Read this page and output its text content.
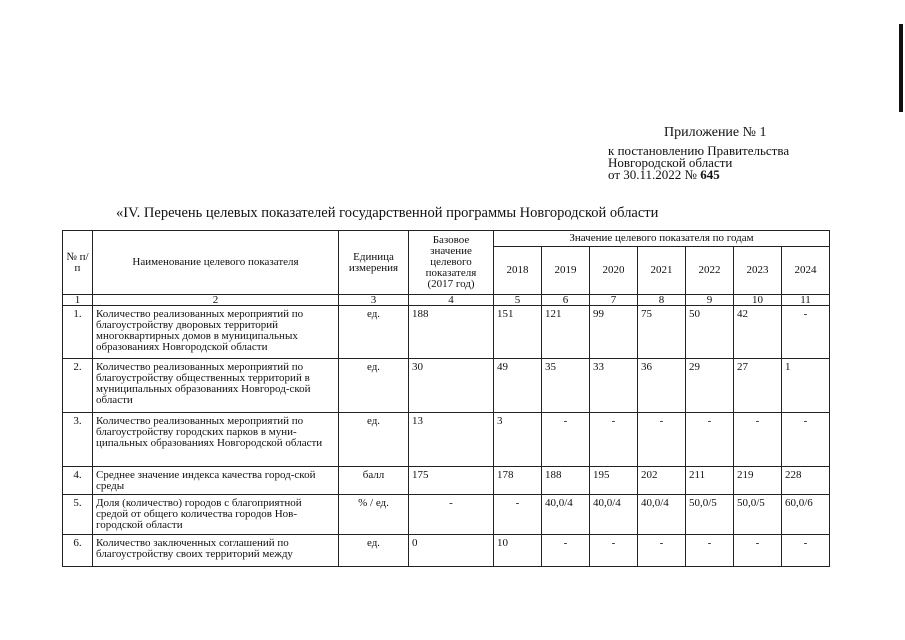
Приложение № 1
к постановлению Правительства
Новгородской области
от 30.11.2022 № 645
«IV. Перечень целевых показателей государственной программы Новгородской области
№ п/п	Наименование целевого показателя	Единица измерения	Базовое значение целевого показателя (2017 год)	Значение целевого показателя по годам						
				2018	2019	2020	2021	2022	2023	2024
1	2	3	4	5	6	7	8	9	10	11
1.	Количество реализованных мероприятий по благоустройству дворовых территорий многоквартирных домов в муниципальных образованиях Новгородской области	ед.	188	151	121	99	75	50	42	-
2.	Количество реализованных мероприятий по благоустройству общественных территорий в муниципальных образованиях Новгород-ской области	ед.	30	49	35	33	36	29	27	1
3.	Количество реализованных мероприятий по благоустройству городских парков в муни-ципальных образованиях Новгородской области	ед.	13	3	-	-	-	-	-	-
4.	Среднее значение индекса качества город-ской среды	балл	175	178	188	195	202	211	219	228
5.	Доля (количество) городов с благоприятной средой от общего количества городов Нов-городской области	% / ед.	-	-	40,0/4	40,0/4	40,0/4	50,0/5	50,0/5	60,0/6
6.	Количество заключенных соглашений по благоустройству своих территорий между	ед.	0	10	-	-	-	-	-	-
